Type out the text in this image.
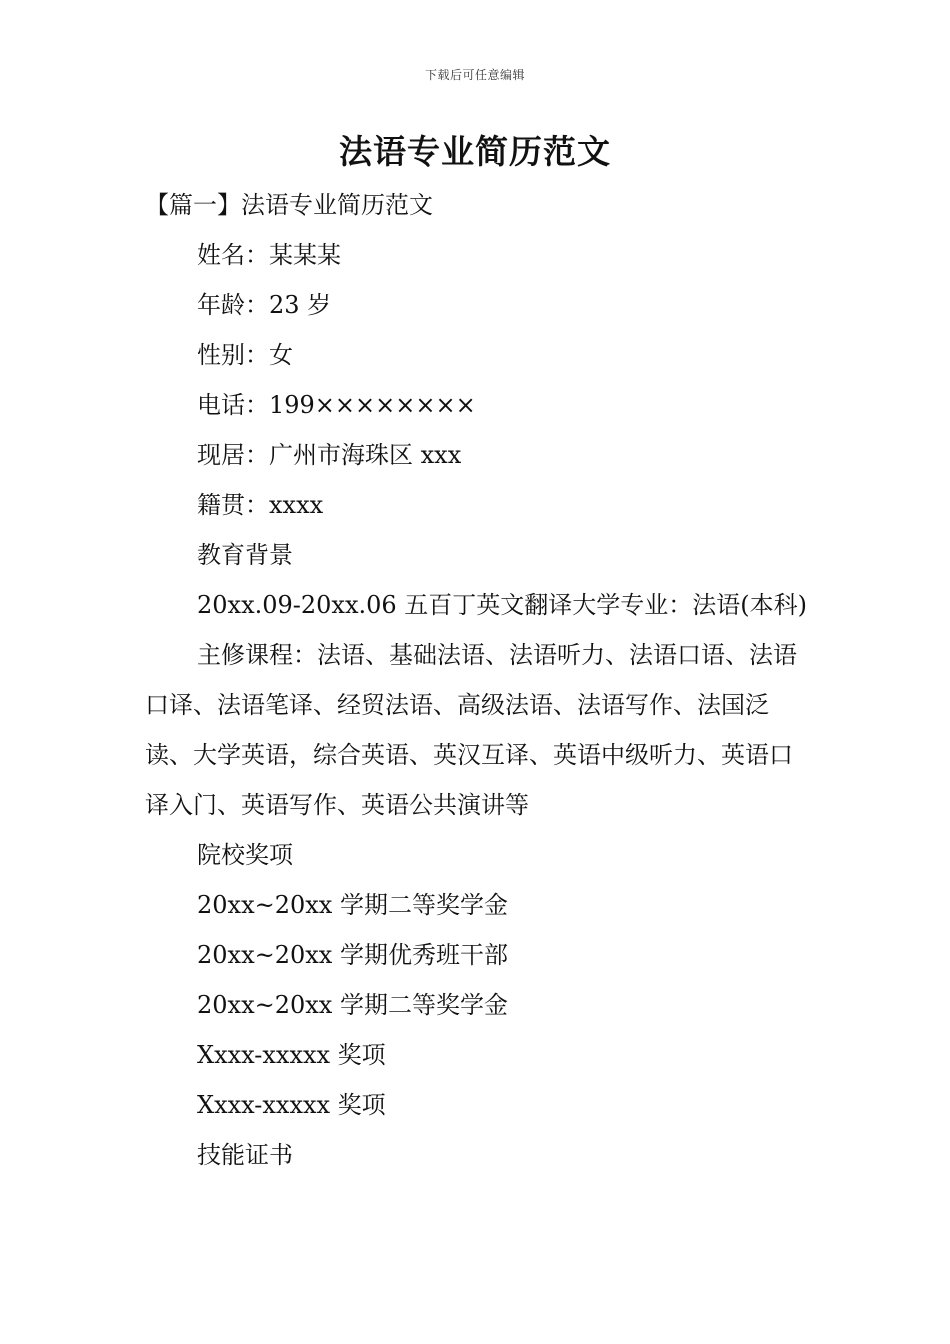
下载后可任意编辑
法语专业简历范文

【篇一】法语专业简历范文

姓名：某某某

年龄：23 岁

性别：女

电话：199××××××××

现居：广州市海珠区 xxx

籍贯：xxxx

教育背景

20xx.09-20xx.06 五百丁英文翻译大学专业：法语(本科)

主修课程：法语、基础法语、法语听力、法语口语、法语口译、法语笔译、经贸法语、高级法语、法语写作、法国泛读、大学英语，综合英语、英汉互译、英语中级听力、英语口译入门、英语写作、英语公共演讲等

院校奖项

20xx~20xx 学期二等奖学金

20xx~20xx 学期优秀班干部

20xx~20xx 学期二等奖学金

Xxxx-xxxxx 奖项

Xxxx-xxxxx 奖项

技能证书
